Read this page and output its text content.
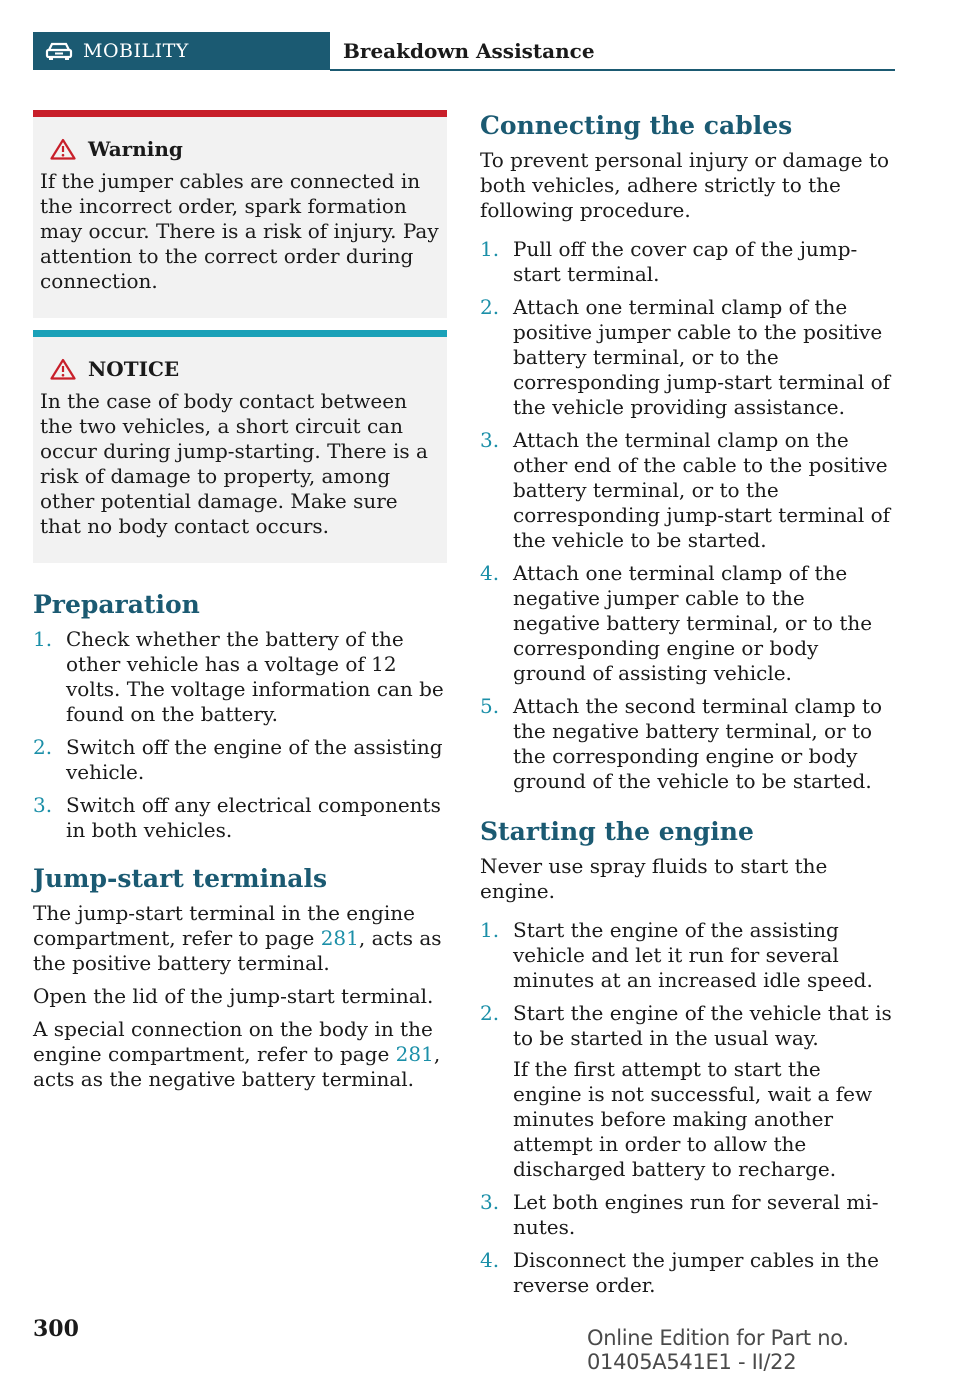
MOBILITY	Breakdown Assistance
Warning
If the jumper cables are connected in the incorrect order, spark formation may occur. There is a risk of injury. Pay attention to the correct order during connection.
NOTICE
In the case of body contact between the two vehicles, a short circuit can occur during jump-starting. There is a risk of damage to property, among other potential damage. Make sure that no body contact occurs.
Preparation
1. Check whether the battery of the other vehicle has a voltage of 12 volts. The voltage information can be found on the battery.
2. Switch off the engine of the assisting vehicle.
3. Switch off any electrical components in both vehicles.
Jump-start terminals

The jump-start terminal in the engine compartment, refer to page 281, acts as the positive battery terminal.

Open the lid of the jump-start terminal.

A special connection on the body in the engine compartment, refer to page 281, acts as the negative battery terminal.

Connecting the cables

To prevent personal injury or damage to both vehicles, adhere strictly to the following procedure.

1. Pull off the cover cap of the jump-start terminal.
2. Attach one terminal clamp of the positive jumper cable to the positive battery terminal, or to the corresponding jump-start terminal of the vehicle providing assistance.
3. Attach the terminal clamp on the other end of the cable to the positive battery terminal, or to the corresponding jump-start terminal of the vehicle to be started.
4. Attach one terminal clamp of the negative jumper cable to the negative battery terminal, or to the corresponding engine or body ground of assisting vehicle.
5. Attach the second terminal clamp to the negative battery terminal, or to the corresponding engine or body ground of the vehicle to be started.
Starting the engine

Never use spray fluids to start the engine.

1. Start the engine of the assisting vehicle and let it run for several minutes at an increased idle speed.
2. Start the engine of the vehicle that is to be started in the usual way.
If the first attempt to start the engine is not successful, wait a few minutes before making another attempt in order to allow the discharged battery to recharge.
3. Let both engines run for several minutes.
4. Disconnect the jumper cables in the reverse order.
300	Online Edition for Part no. 01405A541E1 - II/22
